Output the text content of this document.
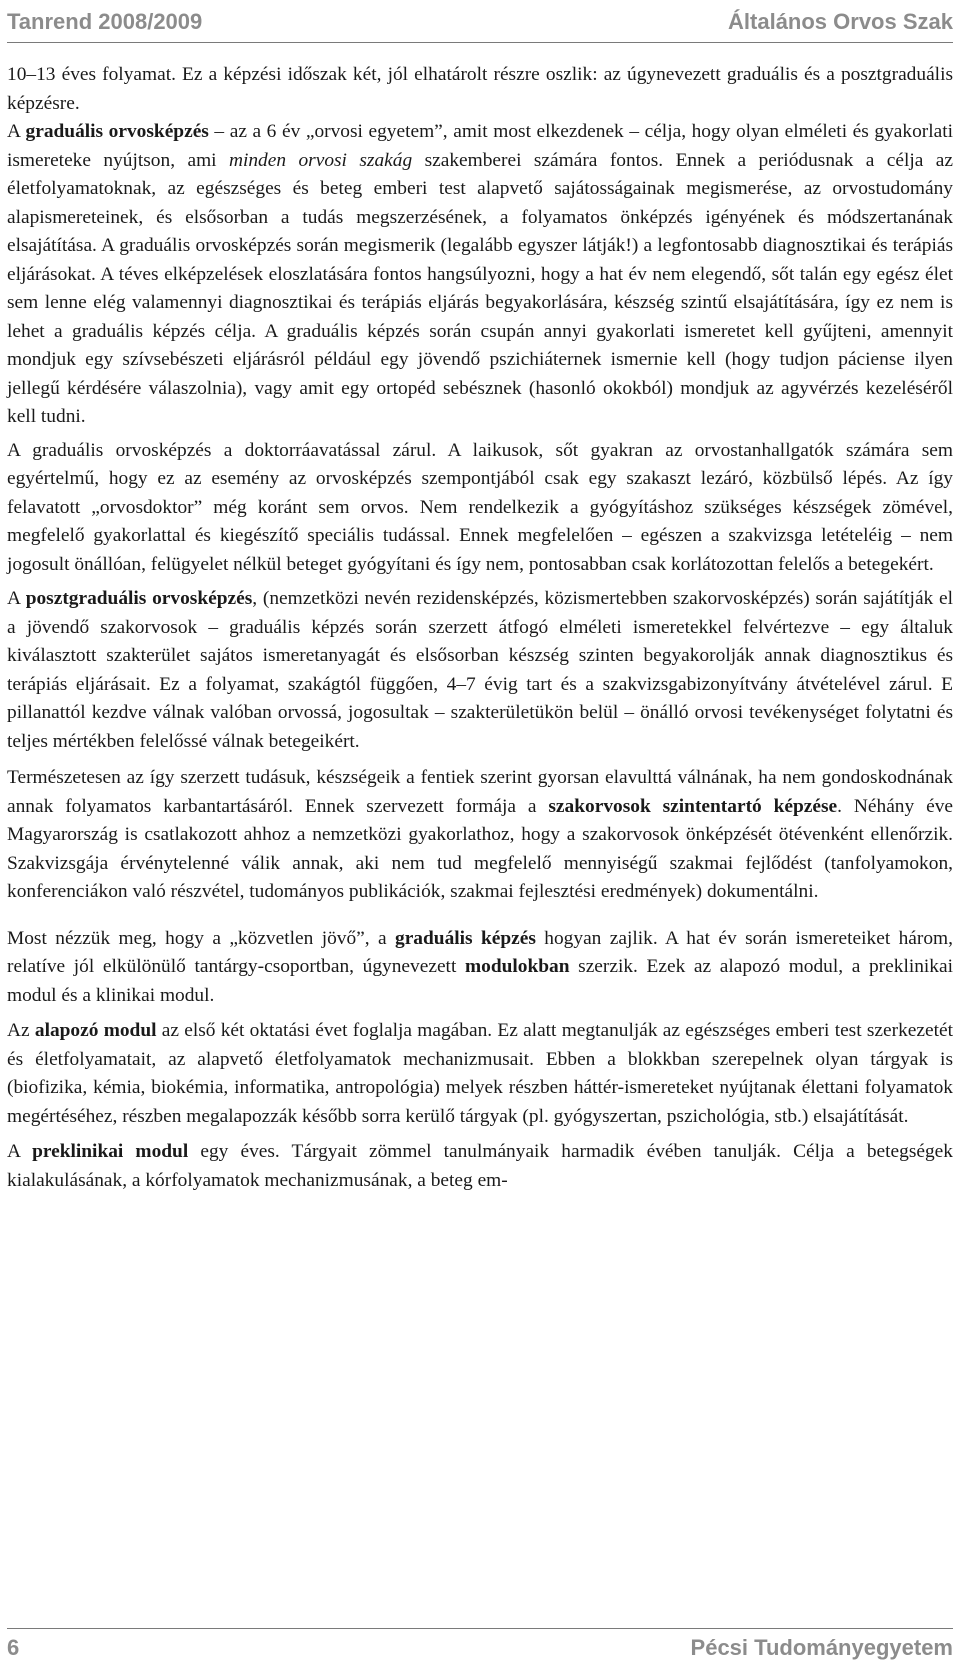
Tanrend 2008/2009	Általános Orvos Szak

10–13 éves folyamat. Ez a képzési időszak két, jól elhatárolt részre oszlik: az úgynevezett graduális és a posztgraduális képzésre.

A graduális orvosképzés – az a 6 év „orvosi egyetem”, amit most elkezdenek – célja, hogy olyan elméleti és gyakorlati ismereteke nyújtson, ami minden orvosi szakág szakemberei számára fontos. Ennek a periódusnak a célja az életfolyamatoknak, az egészséges és beteg emberi test alapvető sajátosságainak megismerése, az orvostudomány alapismereteinek, és elsősorban a tudás megszerzésének, a folyamatos önképzés igényének és módszertanának elsajátítása. A graduális orvosképzés során megismerik (legalább egyszer látják!) a legfontosabb diagnosztikai és terápiás eljárásokat. A téves elképzelések eloszlatására fontos hangsúlyozni, hogy a hat év nem elegendő, sőt talán egy egész élet sem lenne elég valamennyi diagnosztikai és terápiás eljárás begyakorlására, készség szintű elsajátítására, így ez nem is lehet a graduális képzés célja. A graduális képzés során csupán annyi gyakorlati ismeretet kell gyűjteni, amennyit mondjuk egy szívsebészeti eljárásról például egy jövendő pszichiáternek ismernie kell (hogy tudjon páciense ilyen jellegű kérdésére válaszolnia), vagy amit egy ortopéd sebésznek (hasonló okokból) mondjuk az agyvérzés kezeléséről kell tudni.

A graduális orvosképzés a doktorráavatással zárul. A laikusok, sőt gyakran az orvostanhallgatók számára sem egyértelmű, hogy ez az esemény az orvosképzés szempontjából csak egy szakaszt lezáró, közbülső lépés. Az így felavatott „orvosdoktor” még koránt sem orvos. Nem rendelkezik a gyógyításhoz szükséges készségek zömével, megfelelő gyakorlattal és kiegészítő speciális tudással. Ennek megfelelően – egészen a szakvizsga letételéig – nem jogosult önállóan, felügyelet nélkül beteget gyógyítani és így nem, pontosabban csak korlátozottan felelős a betegekért.

A posztgraduális orvosképzés, (nemzetközi nevén rezidensképzés, közismertebben szakorvosképzés) során sajátítják el a jövendő szakorvosok – graduális képzés során szerzett átfogó elméleti ismeretekkel felvértezve – egy általuk kiválasztott szakterület sajátos ismeretanyagát és elsősorban készség szinten begyakorolják annak diagnosztikus és terápiás eljárásait. Ez a folyamat, szakágtól függően, 4–7 évig tart és a szakvizsgabizonyítvány átvételével zárul. E pillanattól kezdve válnak valóban orvossá, jogosultak – szakterületükön belül – önálló orvosi tevékenységet folytatni és teljes mértékben felelőssé válnak betegeikért.

Természetesen az így szerzett tudásuk, készségeik a fentiek szerint gyorsan elavulttá válnának, ha nem gondoskodnának annak folyamatos karbantartásáról. Ennek szervezett formája a szakorvosok szintentartó képzése. Néhány éve Magyarország is csatlakozott ahhoz a nemzetközi gyakorlathoz, hogy a szakorvosok önképzését ötévenként ellenőrzik. Szakvizsgája érvénytelenné válik annak, aki nem tud megfelelő mennyiségű szakmai fejlődést (tanfolyamokon, konferenciákon való részvétel, tudományos publikációk, szakmai fejlesztési eredmények) dokumentálni.

Most nézzük meg, hogy a „közvetlen jövő”, a graduális képzés hogyan zajlik. A hat év során ismereteiket három, relatíve jól elkülönülő tantárgy-csoportban, úgynevezett modulokban szerzik. Ezek az alapozó modul, a preklinikai modul és a klinikai modul.

Az alapozó modul az első két oktatási évet foglalja magában. Ez alatt megtanulják az egészséges emberi test szerkezetét és életfolyamatait, az alapvető életfolyamatok mechanizmusait. Ebben a blokkban szerepelnek olyan tárgyak is (biofizika, kémia, biokémia, informatika, antropológia) melyek részben háttér-ismereteket nyújtanak élettani folyamatok megértéséhez, részben megalapozzák később sorra kerülő tárgyak (pl. gyógyszertan, pszichológia, stb.) elsajátítását.

A preklinikai modul egy éves. Tárgyait zömmel tanulmányaik harmadik évében tanulják. Célja a betegségek kialakulásának, a kórfolyamatok mechanizmusának, a beteg em-

6	Pécsi Tudományegyetem
